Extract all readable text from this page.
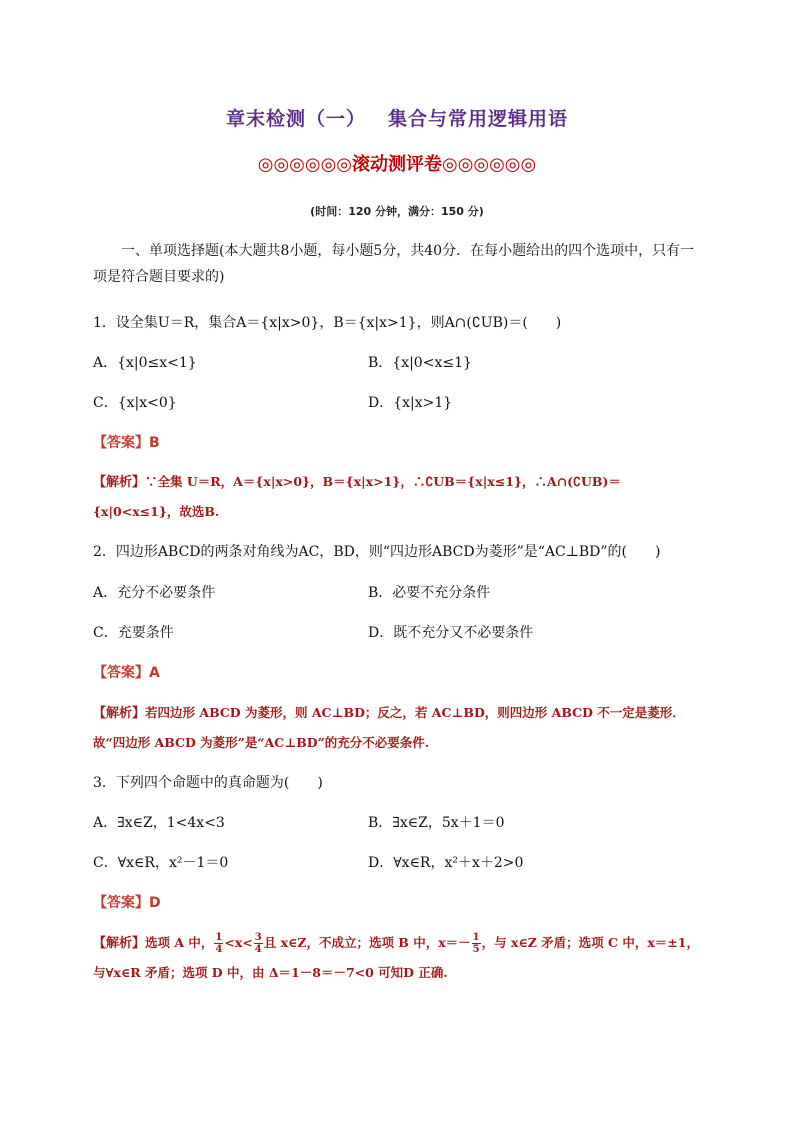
章末检测（一） 集合与常用逻辑用语
◎◎◎◎◎◎滚动测评卷◎◎◎◎◎◎
(时间：120 分钟，满分：150 分)
一、单项选择题(本大题共8小题，每小题5分，共40分．在每小题给出的四个选项中，只有一项是符合题目要求的)
1．设全集U＝R，集合A＝{x|x>0}，B＝{x|x>1}，则A∩(∁UB)＝(　　)
A．{x|0≤x<1}	B．{x|0<x≤1}
C．{x|x<0}	D．{x|x>1}
【答案】B
【解析】∵全集 U＝R，A＝{x|x>0}，B＝{x|x>1}，∴∁UB＝{x|x≤1}，∴A∩(∁UB)＝{x|0<x≤1}，故选B.
2．四边形ABCD的两条对角线为AC，BD，则“四边形ABCD为菱形”是“AC⊥BD”的(　　)
A．充分不必要条件	B．必要不充分条件
C．充要条件	D．既不充分又不必要条件
【答案】A
【解析】若四边形 ABCD 为菱形，则 AC⊥BD；反之，若 AC⊥BD，则四边形 ABCD 不一定是菱形．故“四边形 ABCD 为菱形”是“AC⊥BD”的充分不必要条件.
3．下列四个命题中的真命题为(　　)
A．∃x∈Z，1<4x<3	B．∃x∈Z，5x＋1＝0
C．∀x∈R，x²－1＝0	D．∀x∈R，x²＋x＋2>0
【答案】D
【解析】选项 A 中， $\frac{1}{4} <x< \frac{3}{4}$ 且 x∈Z，不成立；选项 B 中，$x=- \frac{1}{5}$ ，与 x∈Z 矛盾；选项 C 中，x＝±1，与∀x∈R 矛盾；选项 D 中，由 Δ＝1－8＝－7<0 可知D 正确.
